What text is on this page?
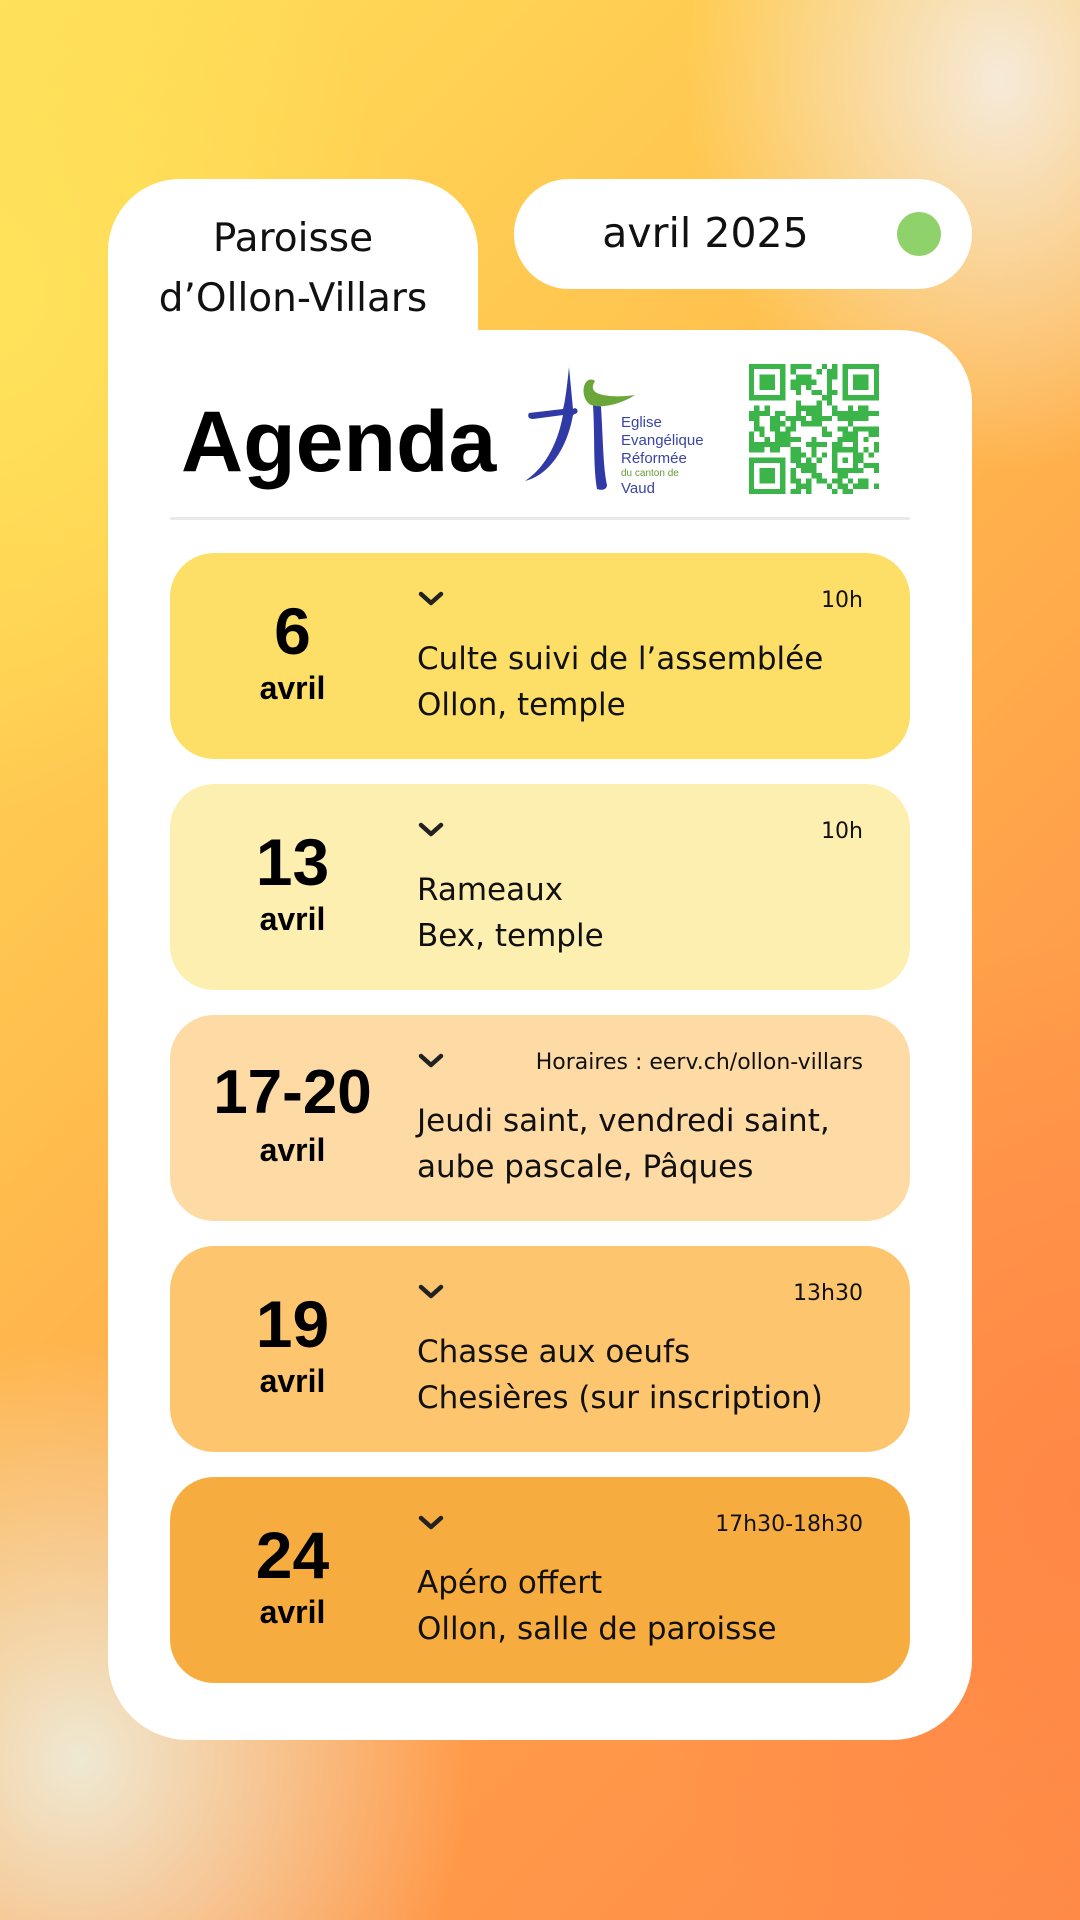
Paroisse
d’Ollon-Villars
avril 2025
Agenda	Eglise
Evangélique
Réformée
du canton de
Vaud
6
avril
10h
Culte suivi de l’assemblée
Ollon, temple
13
avril
10h
Rameaux
Bex, temple
17-20
avril
Horaires : eerv.ch/ollon-villars
Jeudi saint, vendredi saint,
aube pascale, Pâques
19
avril
13h30
Chasse aux oeufs
Chesières (sur inscription)
24
avril
17h30-18h30
Apéro offert
Ollon, salle de paroisse
